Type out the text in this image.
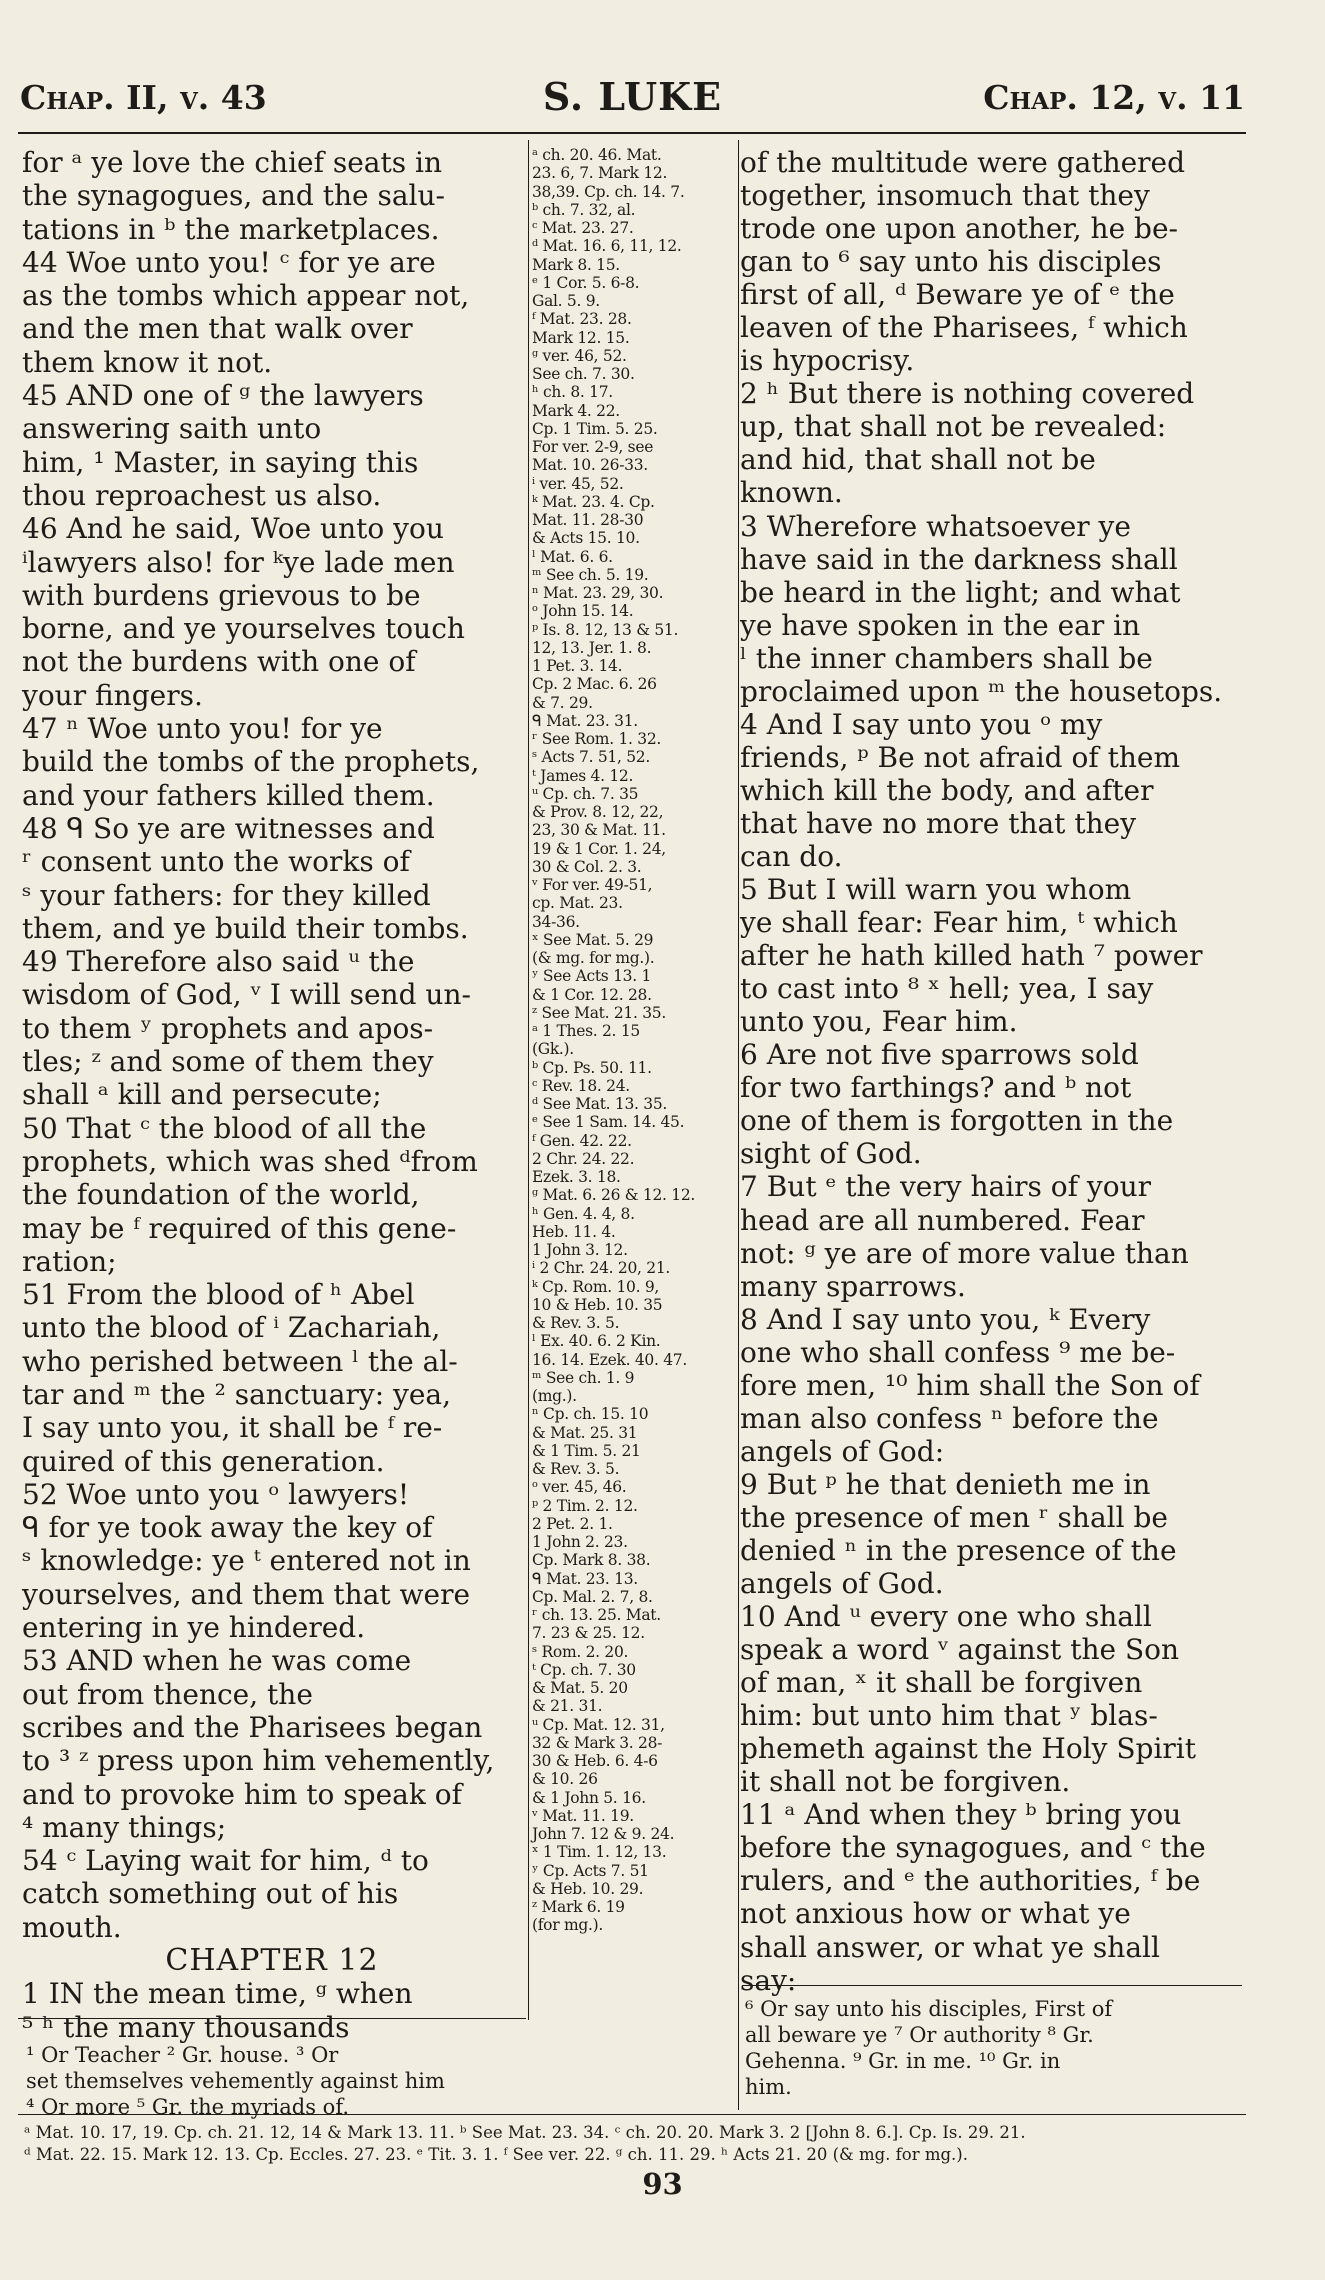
Chap. II, v. 43	S. LUKE	Chap. 12, v. 11
for ᵃ ye love the chief seats in
the synagogues, and the salu-
tations in ᵇ the marketplaces.
44 Woe unto you! ᶜ for ye are
as the tombs which appear not,
and the men that walk over
them know it not.
45 AND one of ᵍ the lawyers
answering saith unto
him, ¹ Master, in saying this
thou reproachest us also.
46 And he said, Woe unto you
ⁱlawyers also! for ᵏye lade men
with burdens grievous to be
borne, and ye yourselves touch
not the burdens with one of
your fingers.
47 ⁿ Woe unto you! for ye
build the tombs of the prophets,
and your fathers killed them.
48 ᑫ So ye are witnesses and
ʳ consent unto the works of
ˢ your fathers: for they killed
them, and ye build their tombs.
49 Therefore also said ᵘ the
wisdom of God, ᵛ I will send un-
to them ʸ prophets and apos-
tles; ᶻ and some of them they
shall ᵃ kill and persecute;
50 That ᶜ the blood of all the
prophets, which was shed ᵈfrom
the foundation of the world,
may be ᶠ required of this gene-
ration;
51 From the blood of ʰ Abel
unto the blood of ⁱ Zachariah,
who perished between ˡ the al-
tar and ᵐ the ² sanctuary: yea,
I say unto you, it shall be ᶠ re-
quired of this generation.
52 Woe unto you ᵒ lawyers!
ᑫ for ye took away the key of
ˢ knowledge: ye ᵗ entered not in
yourselves, and them that were
entering in ye hindered.
53 AND when he was come
out from thence, the
scribes and the Pharisees began
to ³ ᶻ press upon him vehemently,
and to provoke him to speak of
⁴ many things;
54 ᶜ Laying wait for him, ᵈ to
catch something out of his
mouth.
CHAPTER 12
1 IN the mean time, ᵍ when
⁵ ʰ the many thousands
ᵃ ch. 20. 46. Mat.
23. 6, 7. Mark 12.
38,39. Cp. ch. 14. 7.
ᵇ ch. 7. 32, al.
ᶜ Mat. 23. 27.
ᵈ Mat. 16. 6, 11, 12.
Mark 8. 15.
ᵉ 1 Cor. 5. 6-8.
Gal. 5. 9.
ᶠ Mat. 23. 28.
Mark 12. 15.
ᵍ ver. 46, 52.
See ch. 7. 30.
ʰ ch. 8. 17.
Mark 4. 22.
Cp. 1 Tim. 5. 25.
For ver. 2-9, see
Mat. 10. 26-33.
ⁱ ver. 45, 52.
ᵏ Mat. 23. 4. Cp.
Mat. 11. 28-30
& Acts 15. 10.
ˡ Mat. 6. 6.
ᵐ See ch. 5. 19.
ⁿ Mat. 23. 29, 30.
ᵒ John 15. 14.
ᵖ Is. 8. 12, 13 & 51.
12, 13. Jer. 1. 8.
1 Pet. 3. 14.
Cp. 2 Mac. 6. 26
& 7. 29.
ᑫ Mat. 23. 31.
ʳ See Rom. 1. 32.
ˢ Acts 7. 51, 52.
ᵗ James 4. 12.
ᵘ Cp. ch. 7. 35
& Prov. 8. 12, 22,
23, 30 & Mat. 11.
19 & 1 Cor. 1. 24,
30 & Col. 2. 3.
ᵛ For ver. 49-51,
cp. Mat. 23.
34-36.
ˣ See Mat. 5. 29
(& mg. for mg.).
ʸ See Acts 13. 1
& 1 Cor. 12. 28.
ᶻ See Mat. 21. 35.
ᵃ 1 Thes. 2. 15
(Gk.).
ᵇ Cp. Ps. 50. 11.
ᶜ Rev. 18. 24.
ᵈ See Mat. 13. 35.
ᵉ See 1 Sam. 14. 45.
ᶠ Gen. 42. 22.
2 Chr. 24. 22.
Ezek. 3. 18.
ᵍ Mat. 6. 26 & 12. 12.
ʰ Gen. 4. 4, 8.
Heb. 11. 4.
1 John 3. 12.
ⁱ 2 Chr. 24. 20, 21.
ᵏ Cp. Rom. 10. 9,
10 & Heb. 10. 35
& Rev. 3. 5.
ˡ Ex. 40. 6. 2 Kin.
16. 14. Ezek. 40. 47.
ᵐ See ch. 1. 9
(mg.).
ⁿ Cp. ch. 15. 10
& Mat. 25. 31
& 1 Tim. 5. 21
& Rev. 3. 5.
ᵒ ver. 45, 46.
ᵖ 2 Tim. 2. 12.
2 Pet. 2. 1.
1 John 2. 23.
Cp. Mark 8. 38.
ᑫ Mat. 23. 13.
Cp. Mal. 2. 7, 8.
ʳ ch. 13. 25. Mat.
7. 23 & 25. 12.
ˢ Rom. 2. 20.
ᵗ Cp. ch. 7. 30
& Mat. 5. 20
& 21. 31.
ᵘ Cp. Mat. 12. 31,
32 & Mark 3. 28-
30 & Heb. 6. 4-6
& 10. 26
& 1 John 5. 16.
ᵛ Mat. 11. 19.
John 7. 12 & 9. 24.
ˣ 1 Tim. 1. 12, 13.
ʸ Cp. Acts 7. 51
& Heb. 10. 29.
ᶻ Mark 6. 19
(for mg.).
of the multitude were gathered
together, insomuch that they
trode one upon another, he be-
gan to ⁶ say unto his disciples
first of all, ᵈ Beware ye of ᵉ the
leaven of the Pharisees, ᶠ which
is hypocrisy.
2 ʰ But there is nothing covered
up, that shall not be revealed:
and hid, that shall not be
known.
3 Wherefore whatsoever ye
have said in the darkness shall
be heard in the light; and what
ye have spoken in the ear in
ˡ the inner chambers shall be
proclaimed upon ᵐ the housetops.
4 And I say unto you ᵒ my
friends, ᵖ Be not afraid of them
which kill the body, and after
that have no more that they
can do.
5 But I will warn you whom
ye shall fear: Fear him, ᵗ which
after he hath killed hath ⁷ power
to cast into ⁸ ˣ hell; yea, I say
unto you, Fear him.
6 Are not five sparrows sold
for two farthings? and ᵇ not
one of them is forgotten in the
sight of God.
7 But ᵉ the very hairs of your
head are all numbered. Fear
not: ᵍ ye are of more value than
many sparrows.
8 And I say unto you, ᵏ Every
one who shall confess ⁹ me be-
fore men, ¹⁰ him shall the Son of
man also confess ⁿ before the
angels of God:
9 But ᵖ he that denieth me in
the presence of men ʳ shall be
denied ⁿ in the presence of the
angels of God.
10 And ᵘ every one who shall
speak a word ᵛ against the Son
of man, ˣ it shall be forgiven
him: but unto him that ʸ blas-
phemeth against the Holy Spirit
it shall not be forgiven.
11 ᵃ And when they ᵇ bring you
before the synagogues, and ᶜ the
rulers, and ᵉ the authorities, ᶠ be
not anxious how or what ye
shall answer, or what ye shall
say:
¹ Or Teacher ² Gr. house. ³ Or
set themselves vehemently against him
⁴ Or more ⁵ Gr. the myriads of.
⁶ Or say unto his disciples, First of
all beware ye ⁷ Or authority ⁸ Gr.
Gehenna. ⁹ Gr. in me. ¹⁰ Gr. in
him.
ᵃ Mat. 10. 17, 19. Cp. ch. 21. 12, 14 & Mark 13. 11. ᵇ See Mat. 23. 34. ᶜ ch. 20. 20. Mark 3. 2 [John 8. 6.]. Cp. Is. 29. 21.
ᵈ Mat. 22. 15. Mark 12. 13. Cp. Eccles. 27. 23. ᵉ Tit. 3. 1. ᶠ See ver. 22. ᵍ ch. 11. 29. ʰ Acts 21. 20 (& mg. for mg.).
93
